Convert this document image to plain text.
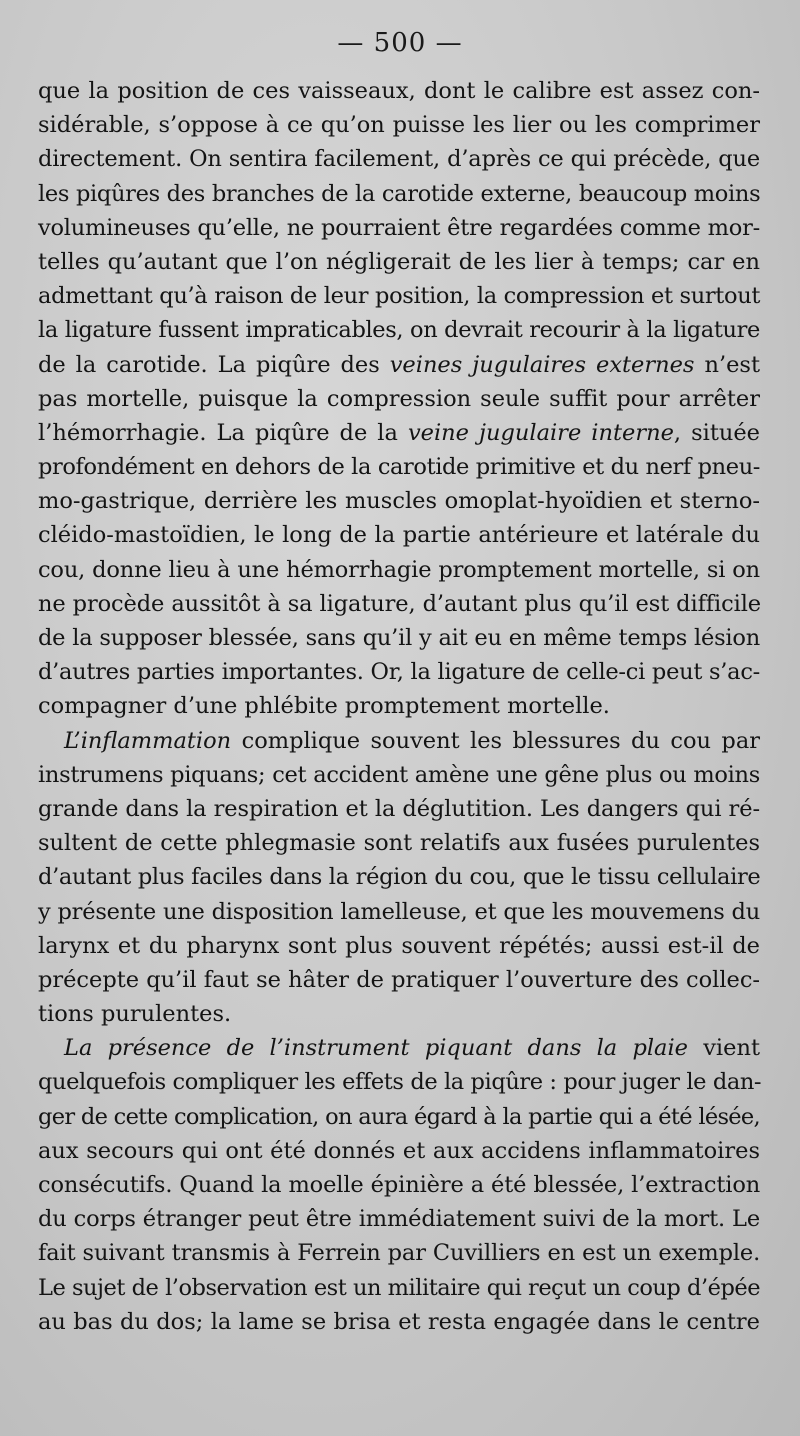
— 500 —
que la position de ces vaisseaux, dont le calibre est assez con-
sidérable, s’oppose à ce qu’on puisse les lier ou les comprimer
directement. On sentira facilement, d’après ce qui précède, que
les piqûres des branches de la carotide externe, beaucoup moins
volumineuses qu’elle, ne pourraient être regardées comme mor-
telles qu’autant que l’on négligerait de les lier à temps; car en
admettant qu’à raison de leur position, la compression et surtout
la ligature fussent impraticables, on devrait recourir à la ligature
de la carotide. La piqûre des veines jugulaires externes n’est
pas mortelle, puisque la compression seule suffit pour arrêter
l’hémorrhagie. La piqûre de la veine jugulaire interne, située
profondément en dehors de la carotide primitive et du nerf pneu-
mo-gastrique, derrière les muscles omoplat-hyoïdien et sterno-
cléido-mastoïdien, le long de la partie antérieure et latérale du
cou, donne lieu à une hémorrhagie promptement mortelle, si on
ne procède aussitôt à sa ligature, d’autant plus qu’il est difficile
de la supposer blessée, sans qu’il y ait eu en même temps lésion
d’autres parties importantes. Or, la ligature de celle-ci peut s’ac-
compagner d’une phlébite promptement mortelle.
L’inflammation complique souvent les blessures du cou par
instrumens piquans; cet accident amène une gêne plus ou moins
grande dans la respiration et la déglutition. Les dangers qui ré-
sultent de cette phlegmasie sont relatifs aux fusées purulentes
d’autant plus faciles dans la région du cou, que le tissu cellulaire
y présente une disposition lamelleuse, et que les mouvemens du
larynx et du pharynx sont plus souvent répétés; aussi est-il de
précepte qu’il faut se hâter de pratiquer l’ouverture des collec-
tions purulentes.
La présence de l’instrument piquant dans la plaie vient
quelquefois compliquer les effets de la piqûre : pour juger le dan-
ger de cette complication, on aura égard à la partie qui a été lésée,
aux secours qui ont été donnés et aux accidens inflammatoires
consécutifs. Quand la moelle épinière a été blessée, l’extraction
du corps étranger peut être immédiatement suivi de la mort. Le
fait suivant transmis à Ferrein par Cuvilliers en est un exemple.
Le sujet de l’observation est un militaire qui reçut un coup d’épée
au bas du dos; la lame se brisa et resta engagée dans le centre
